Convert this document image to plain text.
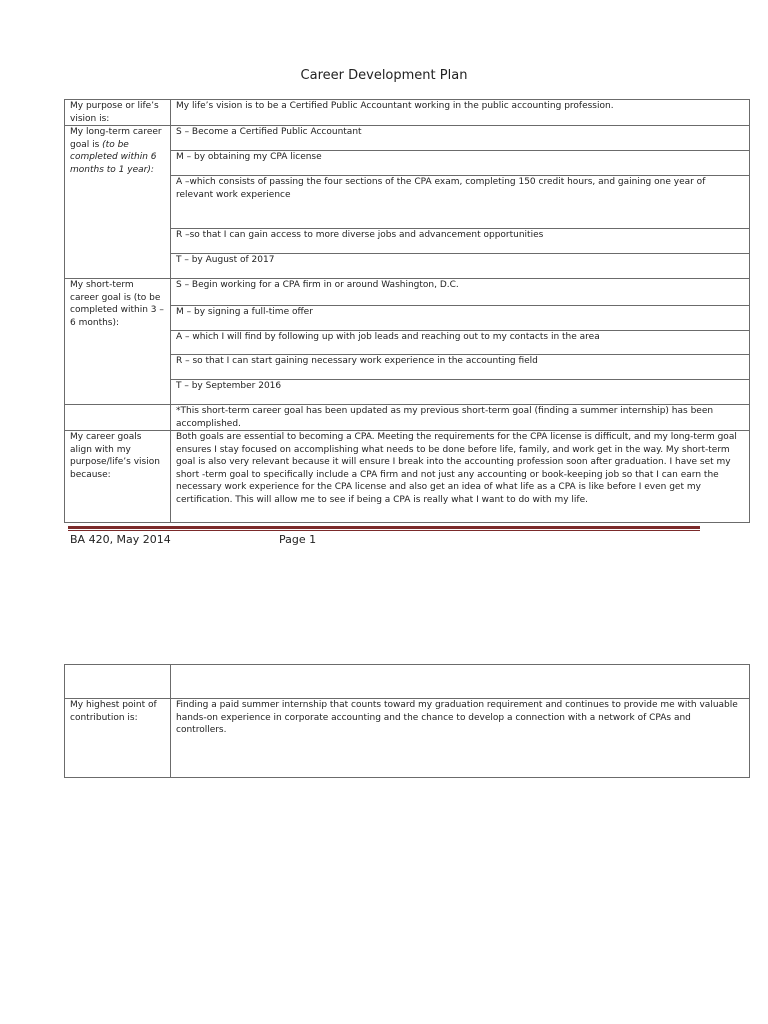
Career Development Plan
My purpose or life’s vision is:	My life’s vision is to be a Certified Public Accountant working in the public accounting profession.
My long-term career goal is (to be completed within 6 months to 1 year):	S – Become a Certified Public Accountant
	M – by obtaining my CPA license
	A –which consists of passing the four sections of the CPA exam, completing 150 credit hours, and gaining one year of relevant work experience
	R –so that I can gain access to more diverse jobs and advancement opportunities
	T – by August of 2017
My short-term career goal is (to be completed within 3 – 6 months):	S – Begin working for a CPA firm in or around Washington, D.C.
	M – by signing a full-time offer
	A – which I will find by following up with job leads and reaching out to my contacts in the area
	R – so that I can start gaining necessary work experience in the accounting field
	T – by September 2016
	*This short-term career goal has been updated as my previous short-term goal (finding a summer internship) has been accomplished.
My career goals align with my purpose/life’s vision because:	Both goals are essential to becoming a CPA. Meeting the requirements for the CPA license is difficult, and my long-term goal ensures I stay focused on accomplishing what needs to be done before life, family, and work get in the way. My short-term goal is also very relevant because it will ensure I break into the accounting profession soon after graduation. I have set my short -term goal to specifically include a CPA firm and not just any accounting or book-keeping job so that I can earn the necessary work experience for the CPA license and also get an idea of what life as a CPA is like before I even get my certification. This will allow me to see if being a CPA is really what I want to do with my life.
BA 420, May 2014	Page 1

My highest point of contribution is:	Finding a paid summer internship that counts toward my graduation requirement and continues to provide me with valuable hands-on experience in corporate accounting and the chance to develop a connection with a network of CPAs and controllers.
